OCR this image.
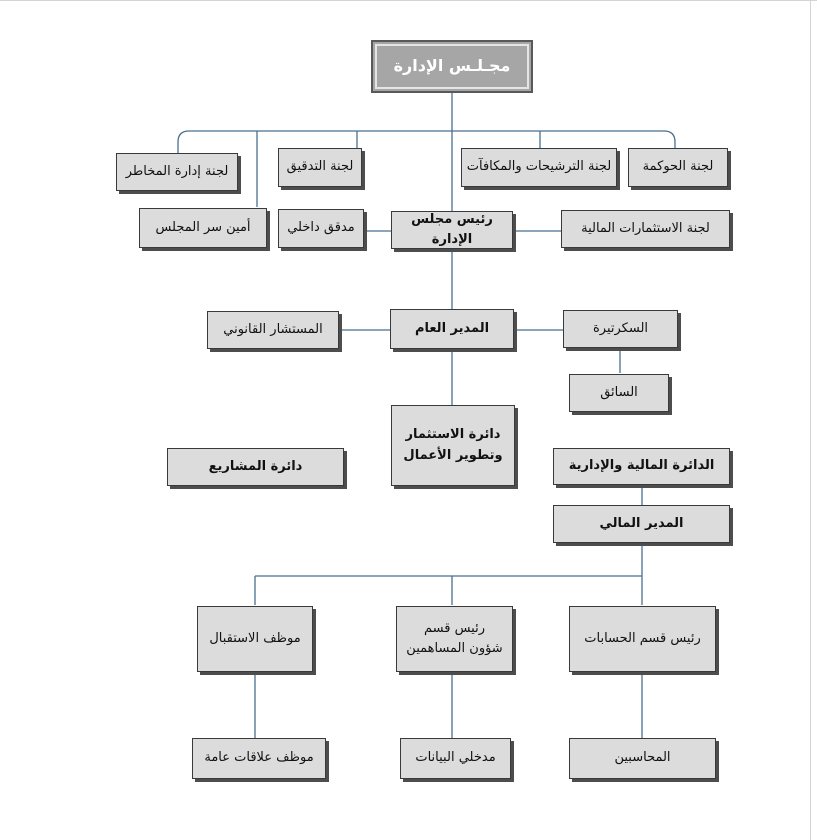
مجـلـس الإدارة
لجنة الحوكمة
لجنة الترشيحات والمكافآت
لجنة التدقيق
لجنة إدارة المخاطر
لجنة الاستثمارات المالية
رئيس مجلس الإدارة
مدقق داخلي
أمين سر المجلس
السكرتيرة
المدير العام
المستشار القانوني
السائق
دائرة الاستثمار
وتطوير الأعمال
دائرة المشاريع	الدائرة المالية والإدارية
المدير المالي
رئيس قسم الحسابات
رئيس قسم
شؤون المساهمين
موظف الاستقبال
المحاسبين
مدخلي البيانات
موظف علاقات عامة
